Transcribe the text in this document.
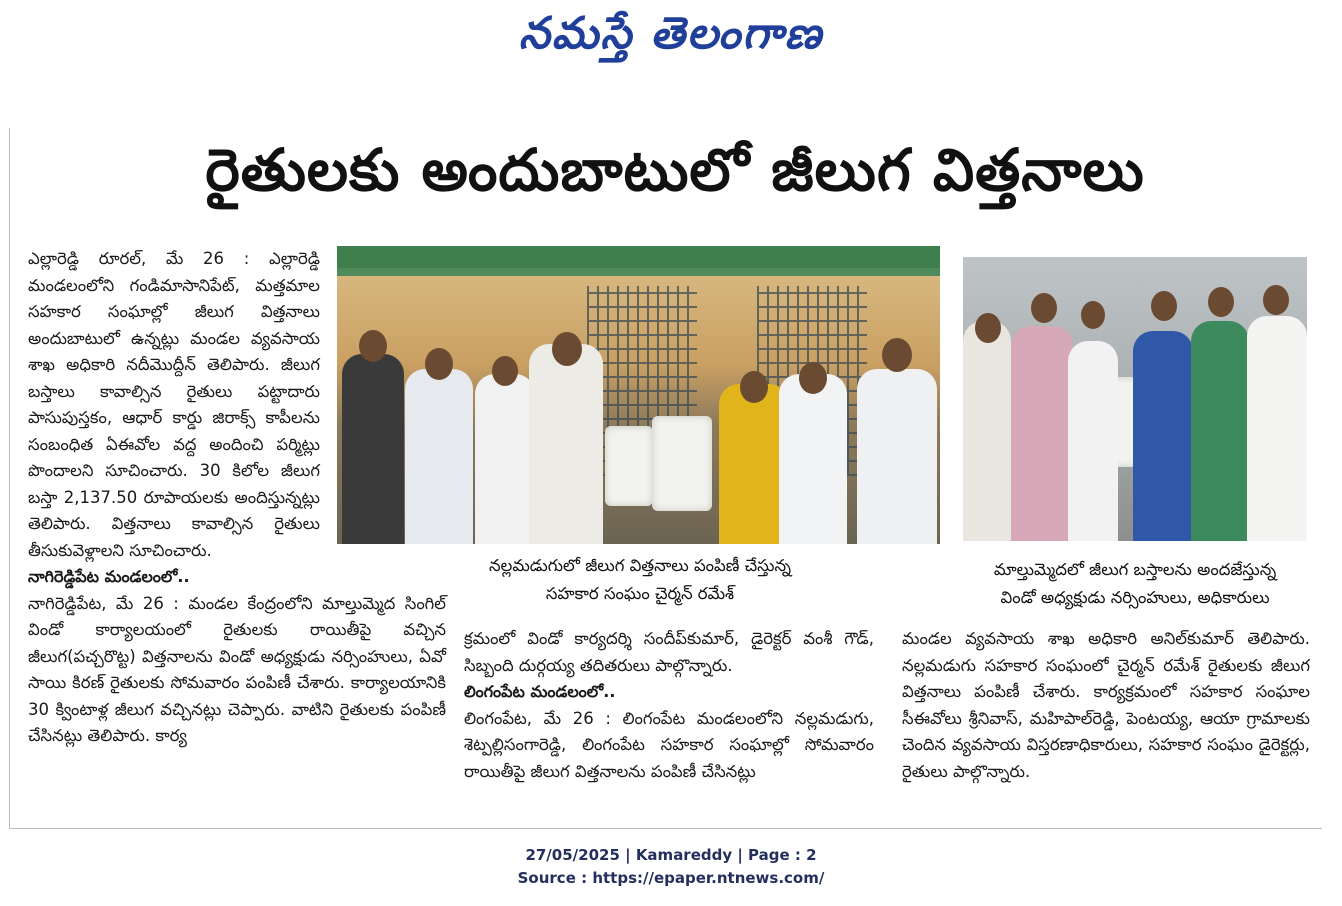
నమస్తే తెలంగాణ
రైతులకు అందుబాటులో జీలుగ విత్తనాలు

ఎల్లారెడ్డి రూరల్, మే 26 : ఎల్లారెడ్డి మండలంలోని గండిమాసానిపేట్, మత్తమాల సహకార సంఘాల్లో జీలుగ విత్తనాలు అందుబాటులో ఉన్నట్లు మండల వ్యవసాయ శాఖ అధికారి నదీమొద్దీన్ తెలిపారు. జీలుగ బస్తాలు కావాల్సిన రైతులు పట్టాదారు పాసుపుస్తకం, ఆధార్ కార్డు జిరాక్స్ కాపీలను సంబంధిత ఏఈవోల వద్ద అందించి పర్మిట్లు పొందాలని సూచించారు. 30 కిలోల జీలుగ బస్తా 2,137.50 రూపాయలకు అందిస్తున్నట్లు తెలిపారు. విత్తనాలు కావాల్సిన రైతులు తీసుకువెళ్లాలని సూచించారు.

నాగిరెడ్డిపేట మండలంలో..

నాగిరెడ్డిపేట, మే 26 : మండల కేంద్రంలోని మాల్తుమ్మెద సింగిల్ విండో కార్యాలయంలో రైతులకు రాయితీపై వచ్చిన జీలుగ(పచ్చరొట్ట) విత్తనాలను విండో అధ్యక్షుడు నర్సింహులు, ఏవో సాయి కిరణ్ రైతులకు సోమవారం పంపిణీ చేశారు. కార్యాలయానికి 30 క్వింటాళ్ల జీలుగ వచ్చినట్లు చెప్పారు. వాటిని రైతులకు పంపిణీ చేసినట్లు తెలిపారు. కార్య

నల్లమడుగులో జీలుగ విత్తనాలు పంపిణీ చేస్తున్న
సహకార సంఘం చైర్మన్ రమేశ్
మాల్తుమ్మెదలో జీలుగ బస్తాలను అందజేస్తున్న
విండో అధ్యక్షుడు నర్సింహులు, అధికారులు

క్రమంలో విండో కార్యదర్శి సందీప్‌కుమార్, డైరెక్టర్ వంశీ గౌడ్, సిబ్బంది దుర్గయ్య తదితరులు పాల్గొన్నారు.

లింగంపేట మండలంలో..

లింగంపేట, మే 26 : లింగంపేట మండలంలోని నల్లమడుగు, శెట్పల్లిసంగారెడ్డి, లింగంపేట సహకార సంఘాల్లో సోమవారం రాయితీపై జీలుగ విత్తనాలను పంపిణీ చేసినట్లు

మండల వ్యవసాయ శాఖ అధికారి అనిల్‌కుమార్ తెలిపారు. నల్లమడుగు సహకార సంఘంలో చైర్మన్ రమేశ్ రైతులకు జీలుగ విత్తనాలు పంపిణీ చేశారు. కార్యక్రమంలో సహకార సంఘాల సీఈవోలు శ్రీనివాస్, మహిపాల్‌రెడ్డి, పెంటయ్య, ఆయా గ్రామాలకు చెందిన వ్యవసాయ విస్తరణాధికారులు, సహకార సంఘం డైరెక్టర్లు, రైతులు పాల్గొన్నారు.

27/05/2025 | Kamareddy | Page : 2
Source : https://epaper.ntnews.com/
